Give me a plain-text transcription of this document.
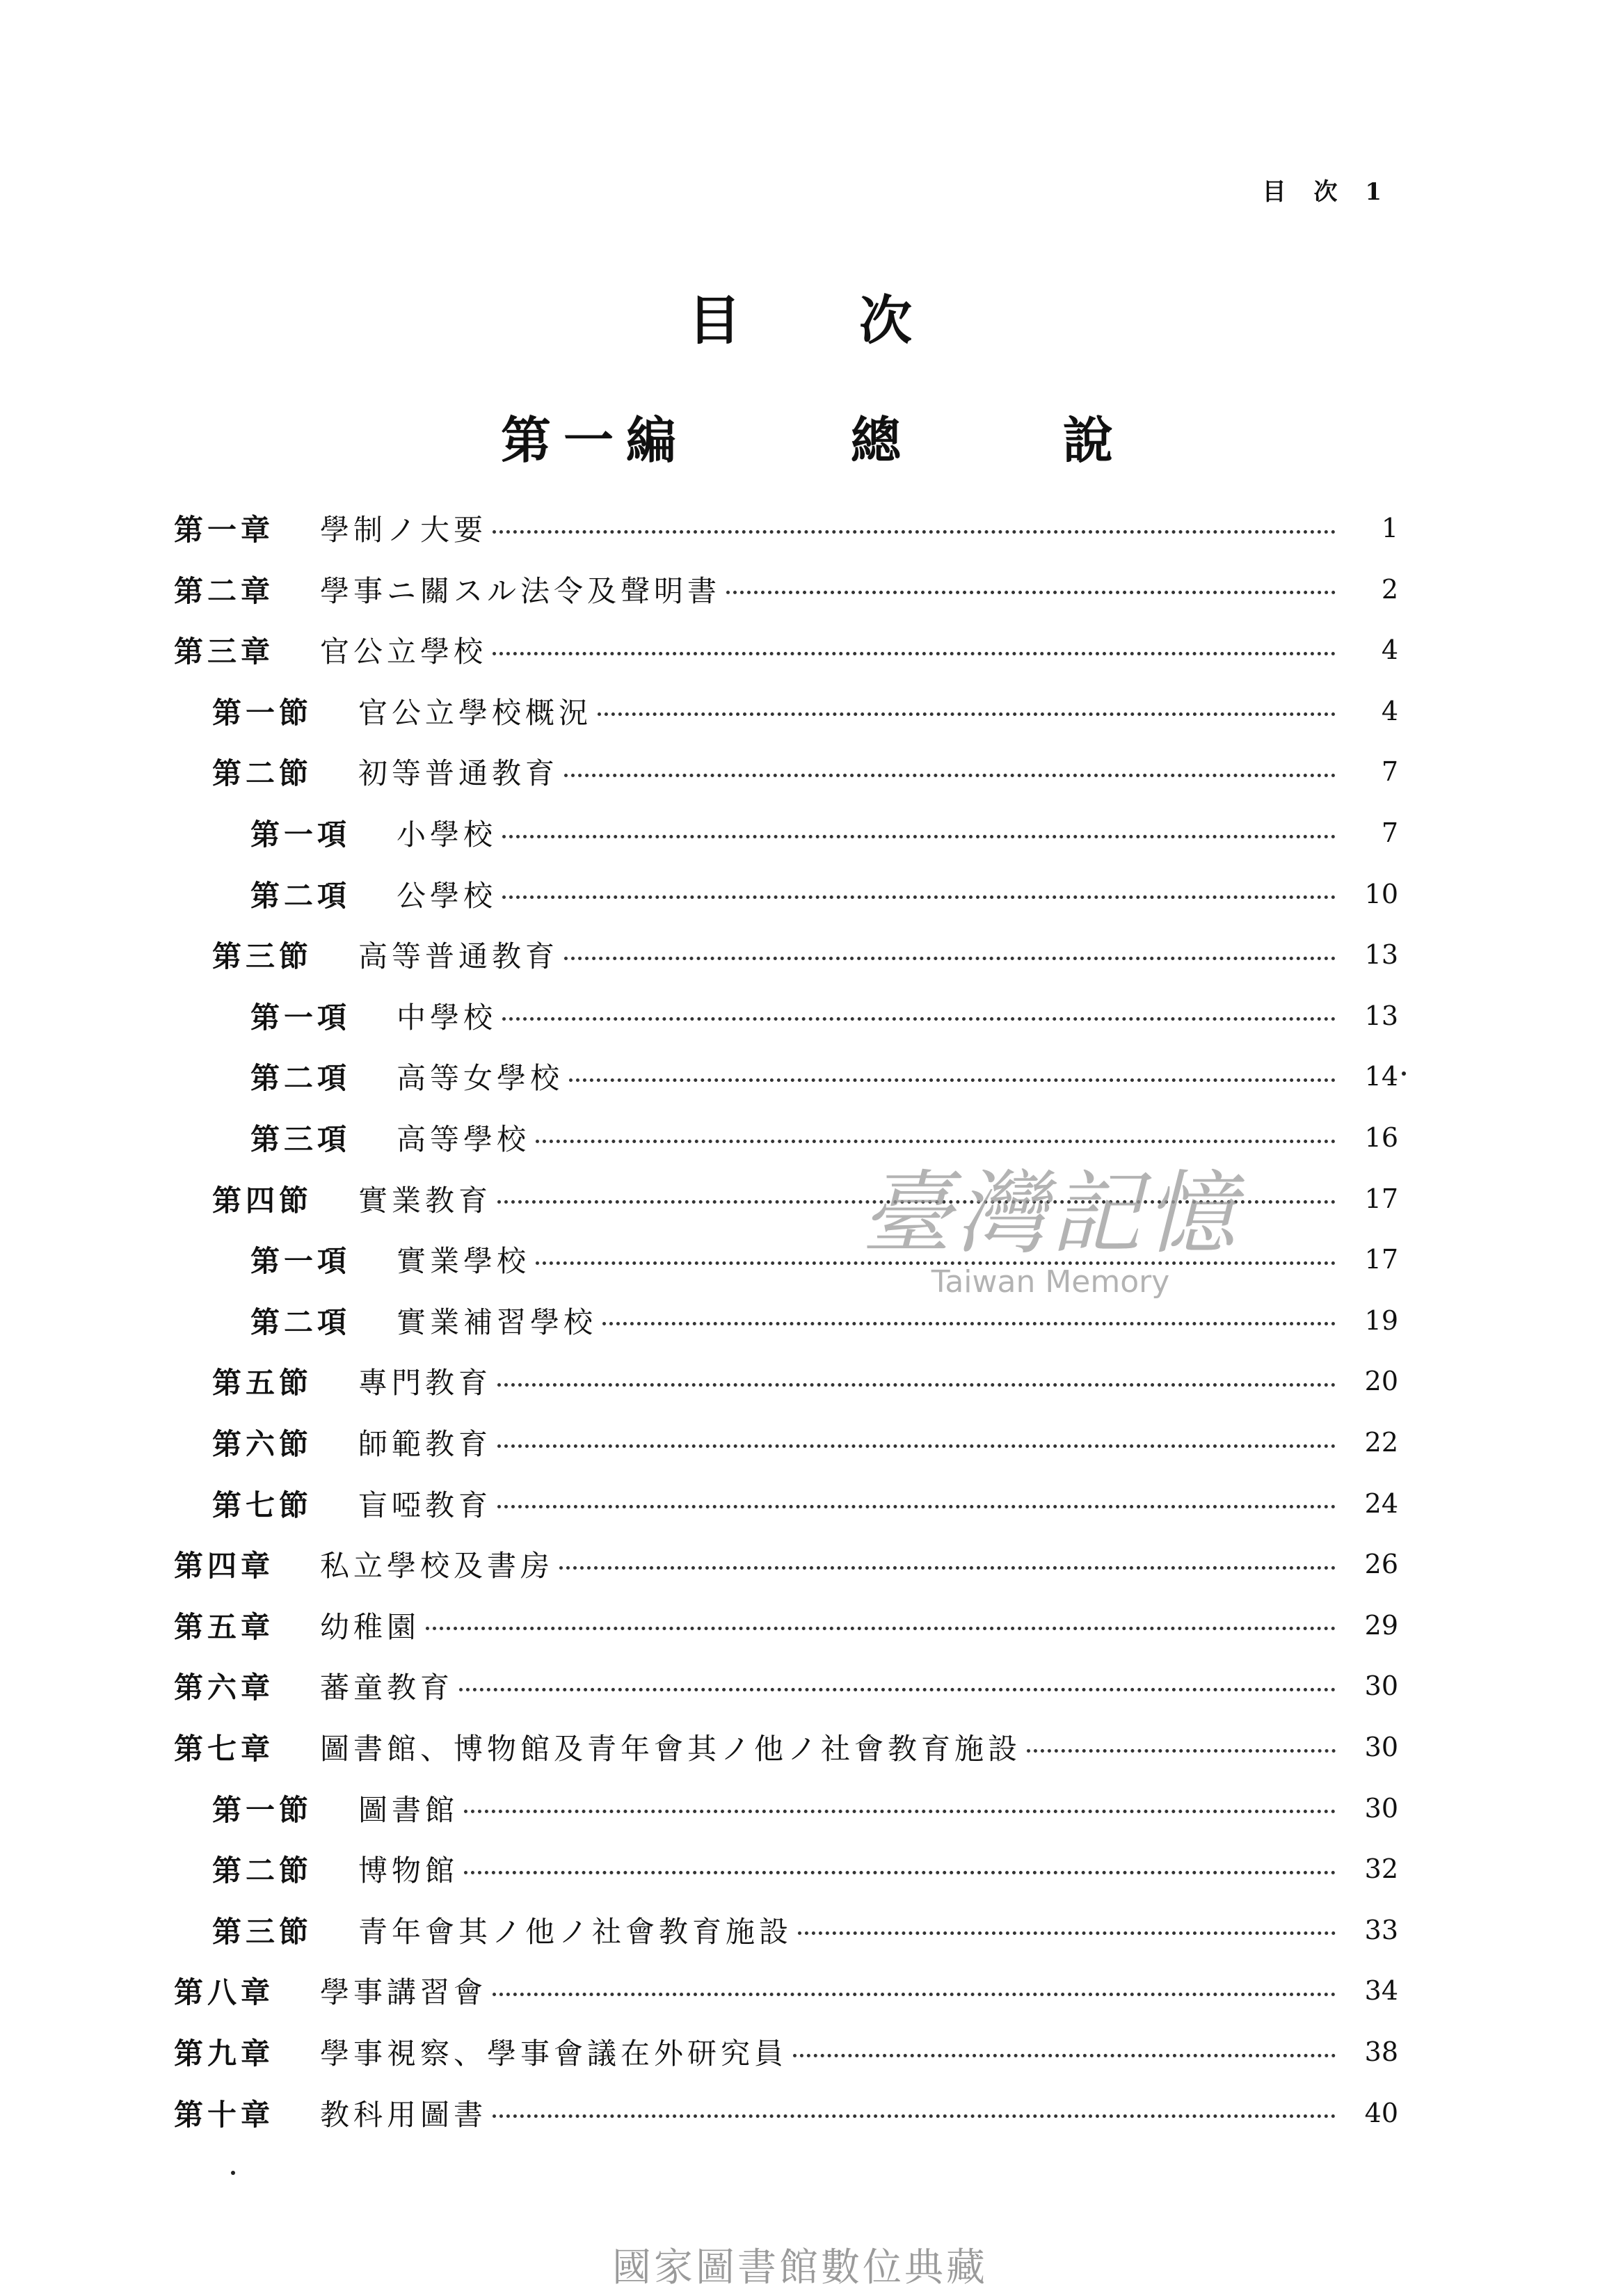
目 次 1
目次
第一編	總	說
第一章	學制ノ大要	1
第二章	學事ニ關スル法令及聲明書	2
第三章	官公立學校	4
第一節	官公立學校概況	4
第二節	初等普通教育	7
第一項	小學校	7
第二項	公學校	10
第三節	高等普通教育	13
第一項	中學校	13
第二項	高等女學校	14
第三項	高等學校	16
第四節	實業教育	17
第一項	實業學校	17
第二項	實業補習學校	19
第五節	專門教育	20
第六節	師範教育	22
第七節	盲啞教育	24
第四章	私立學校及書房	26
第五章	幼稚園	29
第六章	蕃童教育	30
第七章	圖書館、博物館及青年會其ノ他ノ社會教育施設	30
第一節	圖書館	30
第二節	博物館	32
第三節	青年會其ノ他ノ社會教育施設	33
第八章	學事講習會	34
第九章	學事視察、學事會議在外研究員	38
第十章	教科用圖書	40
臺灣記憶
Taiwan Memory
國家圖書館數位典藏
